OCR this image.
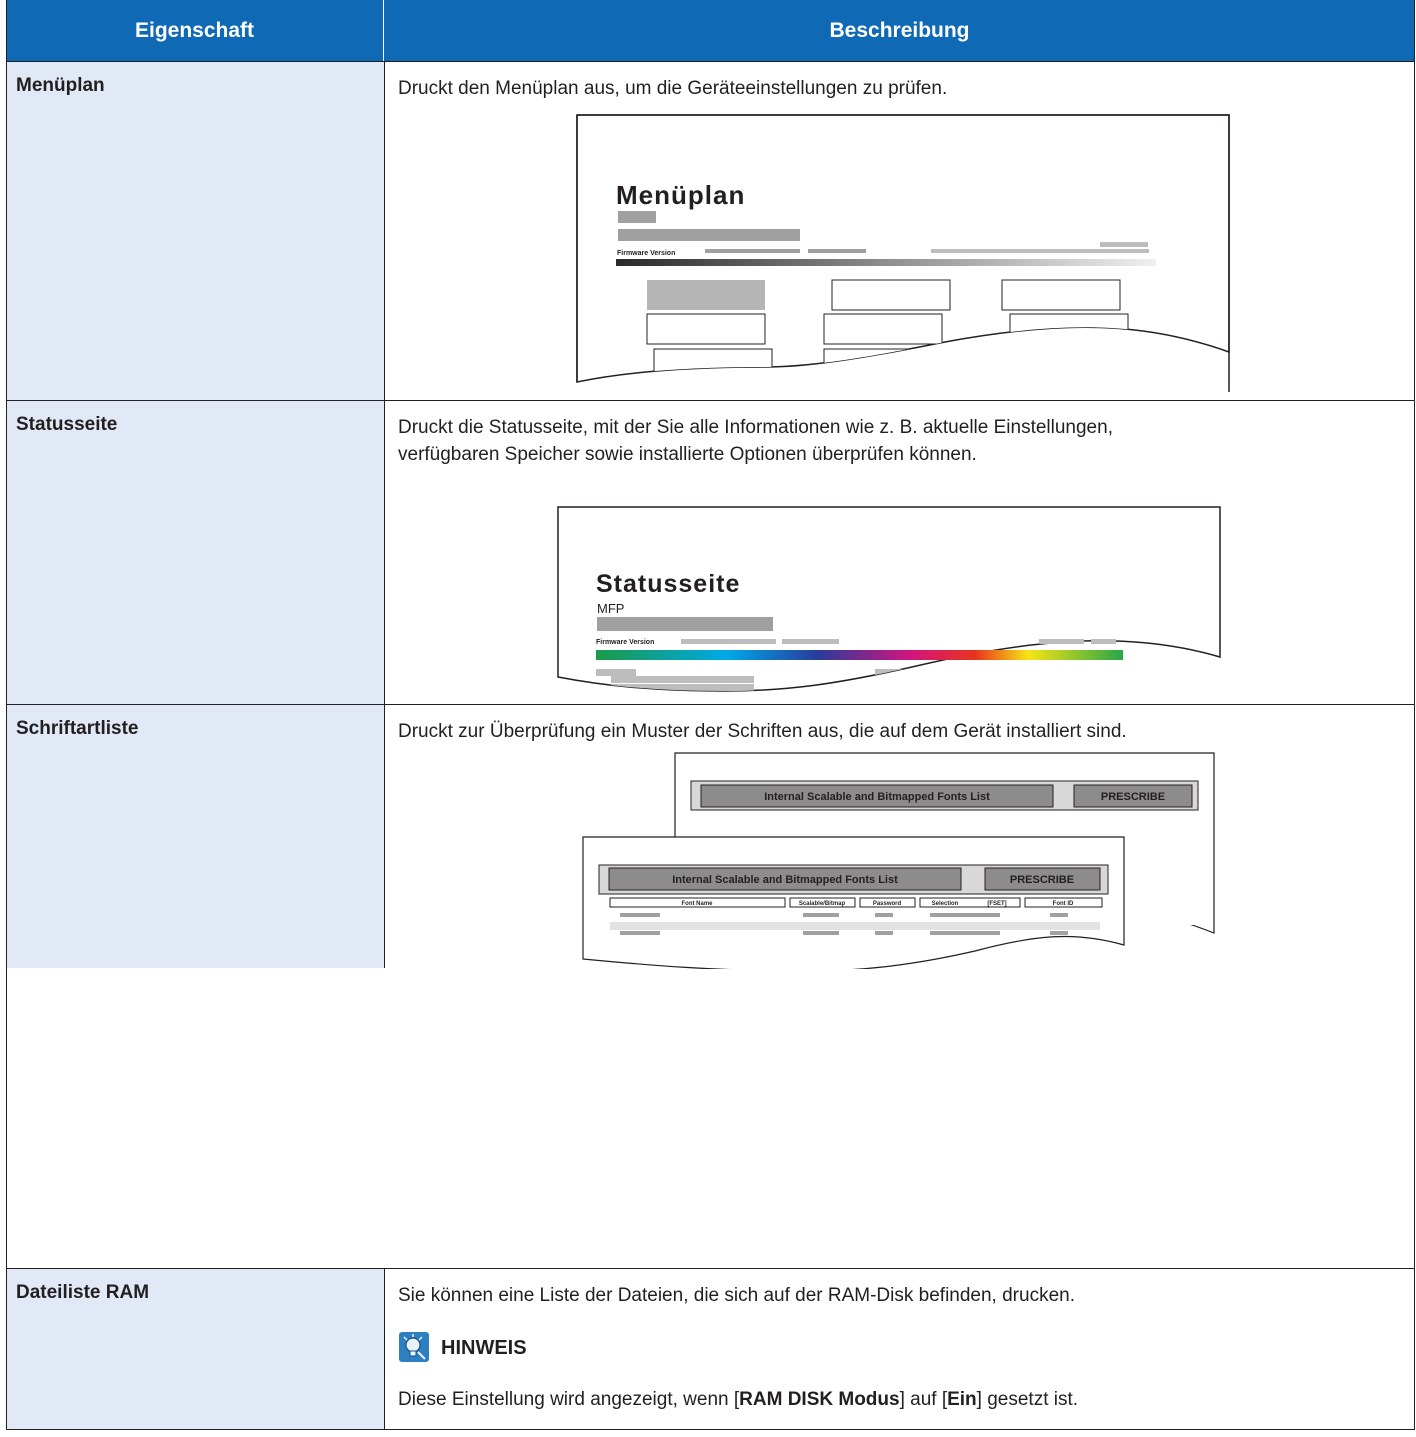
Eigenschaft	Beschreibung
Menüplan	Druckt den Menüplan aus, um die Geräteeinstellungen zu prüfen.
Menüplan
Firmware Version
Statusseite	Druckt die Statusseite, mit der Sie alle Informationen wie z. B. aktuelle Einstellungen,
verfügbaren Speicher sowie installierte Optionen überprüfen können.
Statusseite
MFP
Firmware Version
Schriftartliste	Druckt zur Überprüfung ein Muster der Schriften aus, die auf dem Gerät installiert sind.
Internal Scalable and Bitmapped Fonts List	PRESCRIBE
Internal Scalable and Bitmapped Fonts List	PRESCRIBE
Font Name	Scalable/Bitmap	Password	Selection	[FSET]	Font ID
Dateiliste RAM	Sie können eine Liste der Dateien, die sich auf der RAM-Disk befinden, drucken.
HINWEIS
Diese Einstellung wird angezeigt, wenn [RAM DISK Modus] auf [Ein] gesetzt ist.
